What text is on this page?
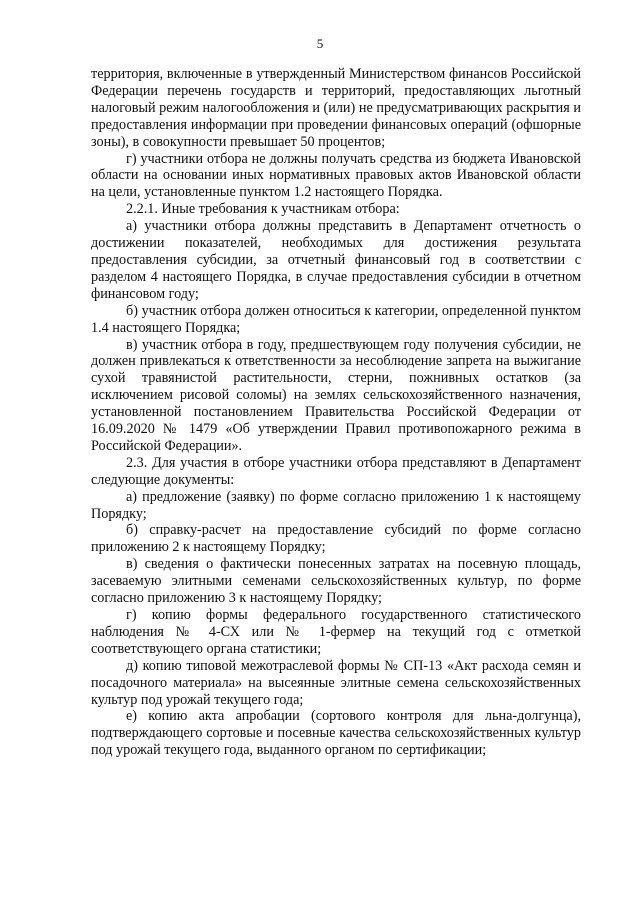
5

территория, включенные в утвержденный Министерством финансов Российской Федерации перечень государств и территорий, предоставляющих льготный налоговый режим налогообложения и (или) не предусматривающих раскрытия и предоставления информации при проведении финансовых операций (офшорные зоны), в совокупности превышает 50 процентов;

г) участники отбора не должны получать средства из бюджета Ивановской области на основании иных нормативных правовых актов Ивановской области на цели, установленные пунктом 1.2 настоящего Порядка.

2.2.1. Иные требования к участникам отбора:

а) участники отбора должны представить в Департамент отчетность о достижении показателей, необходимых для достижения результата предоставления субсидии, за отчетный финансовый год в соответствии с разделом 4 настоящего Порядка, в случае предоставления субсидии в отчетном финансовом году;

б) участник отбора должен относиться к категории, определенной пунктом 1.4 настоящего Порядка;

в) участник отбора в году, предшествующем году получения субсидии, не должен привлекаться к ответственности за несоблюдение запрета на выжигание сухой травянистой растительности, стерни, пожнивных остатков (за исключением рисовой соломы) на землях сельскохозяйственного назначения, установленной постановлением Правительства Российской Федерации от 16.09.2020 № 1479 «Об утверждении Правил противопожарного режима в Российской Федерации».

2.3. Для участия в отборе участники отбора представляют в Департамент следующие документы:

а) предложение (заявку) по форме согласно приложению 1 к настоящему Порядку;

б) справку-расчет на предоставление субсидий по форме согласно приложению 2 к настоящему Порядку;

в) сведения о фактически понесенных затратах на посевную площадь, засеваемую элитными семенами сельскохозяйственных культур, по форме согласно приложению 3 к настоящему Порядку;

г) копию формы федерального государственного статистического наблюдения № 4-СХ или № 1-фермер на текущий год с отметкой соответствующего органа статистики;

д) копию типовой межотраслевой формы № СП-13 «Акт расхода семян и посадочного материала» на высеянные элитные семена сельскохозяйственных культур под урожай текущего года;

е) копию акта апробации (сортового контроля для льна-долгунца), подтверждающего сортовые и посевные качества сельскохозяйственных культур под урожай текущего года, выданного органом по сертификации;
